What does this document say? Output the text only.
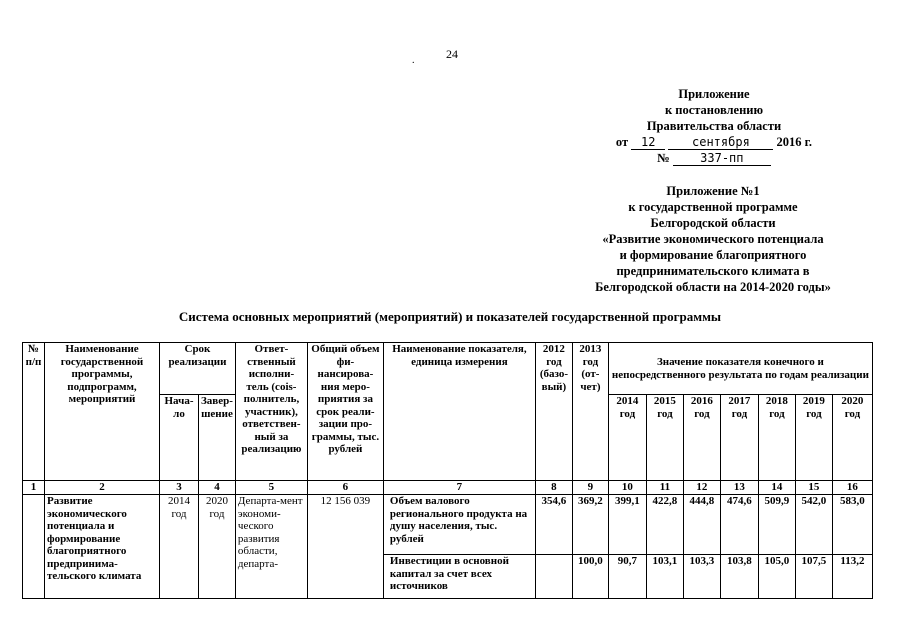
24
.
Приложение
к постановлению
Правительства области
от 12	сентября 2016 г.
№	337-пп
Приложение №1
к государственной программе
Белгородской области
«Развитие экономического потенциала
и формирование благоприятного
предпринимательского климата в
Белгородской области на 2014-2020 годы»
Система основных мероприятий (мероприятий) и показателей государственной программы
№ п/п	Наименование государственной программы, подпрограмм, мероприятий	Срок реализации		Ответ-ственный исполни-тель (сois-полнитель, участник), ответствен-ный за реализацию	Общий объем фи-нансирова-ния меро-приятия за срок реали-зации про-граммы, тыс. рублей	Наименование показателя, единица измерения	2012 год (базо-вый)	2013 год (от-чет)	Значение показателя конечного и непосредственного результата по годам реализации						
		Нача-ло	Завер-шение						2014 год	2015 год	2016 год	2017 год	2018 год	2019 год	2020 год
1	2	3	4	5	6	7	8	9	10	11	12	13	14	15	16
	Развитие экономического потенциала и формирование благоприятного предпринима-тельского климата	2014 год	2020 год	Департа-мент экономи-ческого развития области, департа-	12 156 039	Объем валового регионального продукта на душу населения, тыс. рублей	354,6	369,2	399,1	422,8	444,8	474,6	509,9	542,0	583,0
						Инвестиции в основной капитал за счет всех источников		100,0	90,7	103,1	103,3	103,8	105,0	107,5	113,2
